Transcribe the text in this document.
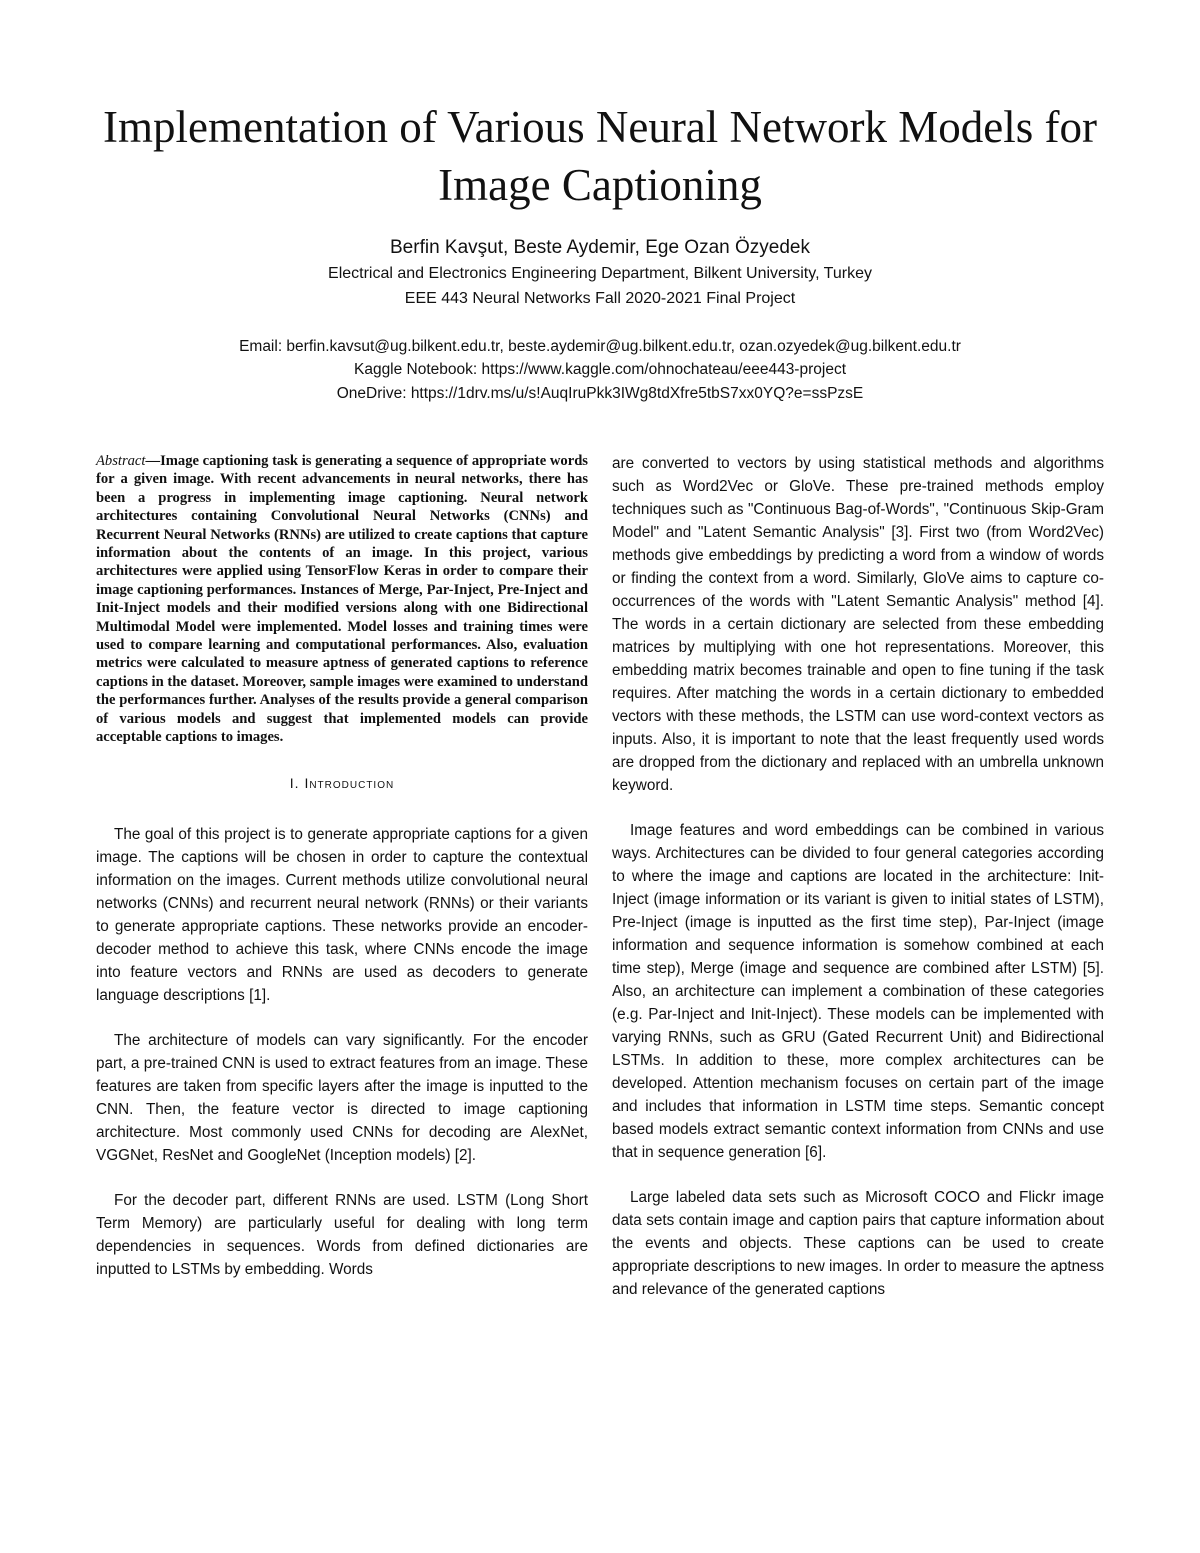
Implementation of Various Neural Network Models for Image Captioning
Berfin Kavşut, Beste Aydemir, Ege Ozan Özyedek
Electrical and Electronics Engineering Department, Bilkent University, Turkey
EEE 443 Neural Networks Fall 2020-2021 Final Project
Email: berfin.kavsut@ug.bilkent.edu.tr, beste.aydemir@ug.bilkent.edu.tr, ozan.ozyedek@ug.bilkent.edu.tr
Kaggle Notebook: https://www.kaggle.com/ohnochateau/eee443-project
OneDrive: https://1drv.ms/u/s!AuqIruPkk3IWg8tdXfre5tbS7xx0YQ?e=ssPzsE

Abstract—Image captioning task is generating a sequence of appropriate words for a given image. With recent advancements in neural networks, there has been a progress in implementing image captioning. Neural network architectures containing Convolutional Neural Networks (CNNs) and Recurrent Neural Networks (RNNs) are utilized to create captions that capture information about the contents of an image. In this project, various architectures were applied using TensorFlow Keras in order to compare their image captioning performances. Instances of Merge, Par-Inject, Pre-Inject and Init-Inject models and their modified versions along with one Bidirectional Multimodal Model were implemented. Model losses and training times were used to compare learning and computational performances. Also, evaluation metrics were calculated to measure aptness of generated captions to reference captions in the dataset. Moreover, sample images were examined to understand the performances further. Analyses of the results provide a general comparison of various models and suggest that implemented models can provide acceptable captions to images.

I. Introduction

The goal of this project is to generate appropriate captions for a given image. The captions will be chosen in order to capture the contextual information on the images. Current methods utilize convolutional neural networks (CNNs) and recurrent neural network (RNNs) or their variants to generate appropriate captions. These networks provide an encoder-decoder method to achieve this task, where CNNs encode the image into feature vectors and RNNs are used as decoders to generate language descriptions [1].

The architecture of models can vary significantly. For the encoder part, a pre-trained CNN is used to extract features from an image. These features are taken from specific layers after the image is inputted to the CNN. Then, the feature vector is directed to image captioning architecture. Most commonly used CNNs for decoding are AlexNet, VGGNet, ResNet and GoogleNet (Inception models) [2].

For the decoder part, different RNNs are used. LSTM (Long Short Term Memory) are particularly useful for dealing with long term dependencies in sequences. Words from defined dictionaries are inputted to LSTMs by embedding. Words

are converted to vectors by using statistical methods and algorithms such as Word2Vec or GloVe. These pre-trained methods employ techniques such as "Continuous Bag-of-Words", "Continuous Skip-Gram Model" and "Latent Semantic Analysis" [3]. First two (from Word2Vec) methods give embeddings by predicting a word from a window of words or finding the context from a word. Similarly, GloVe aims to capture co-occurrences of the words with "Latent Semantic Analysis" method [4]. The words in a certain dictionary are selected from these embedding matrices by multiplying with one hot representations. Moreover, this embedding matrix becomes trainable and open to fine tuning if the task requires. After matching the words in a certain dictionary to embedded vectors with these methods, the LSTM can use word-context vectors as inputs. Also, it is important to note that the least frequently used words are dropped from the dictionary and replaced with an umbrella unknown keyword.

Image features and word embeddings can be combined in various ways. Architectures can be divided to four general categories according to where the image and captions are located in the architecture: Init-Inject (image information or its variant is given to initial states of LSTM), Pre-Inject (image is inputted as the first time step), Par-Inject (image information and sequence information is somehow combined at each time step), Merge (image and sequence are combined after LSTM) [5]. Also, an architecture can implement a combination of these categories (e.g. Par-Inject and Init-Inject). These models can be implemented with varying RNNs, such as GRU (Gated Recurrent Unit) and Bidirectional LSTMs. In addition to these, more complex architectures can be developed. Attention mechanism focuses on certain part of the image and includes that information in LSTM time steps. Semantic concept based models extract semantic context information from CNNs and use that in sequence generation [6].

Large labeled data sets such as Microsoft COCO and Flickr image data sets contain image and caption pairs that capture information about the events and objects. These captions can be used to create appropriate descriptions to new images. In order to measure the aptness and relevance of the generated captions
